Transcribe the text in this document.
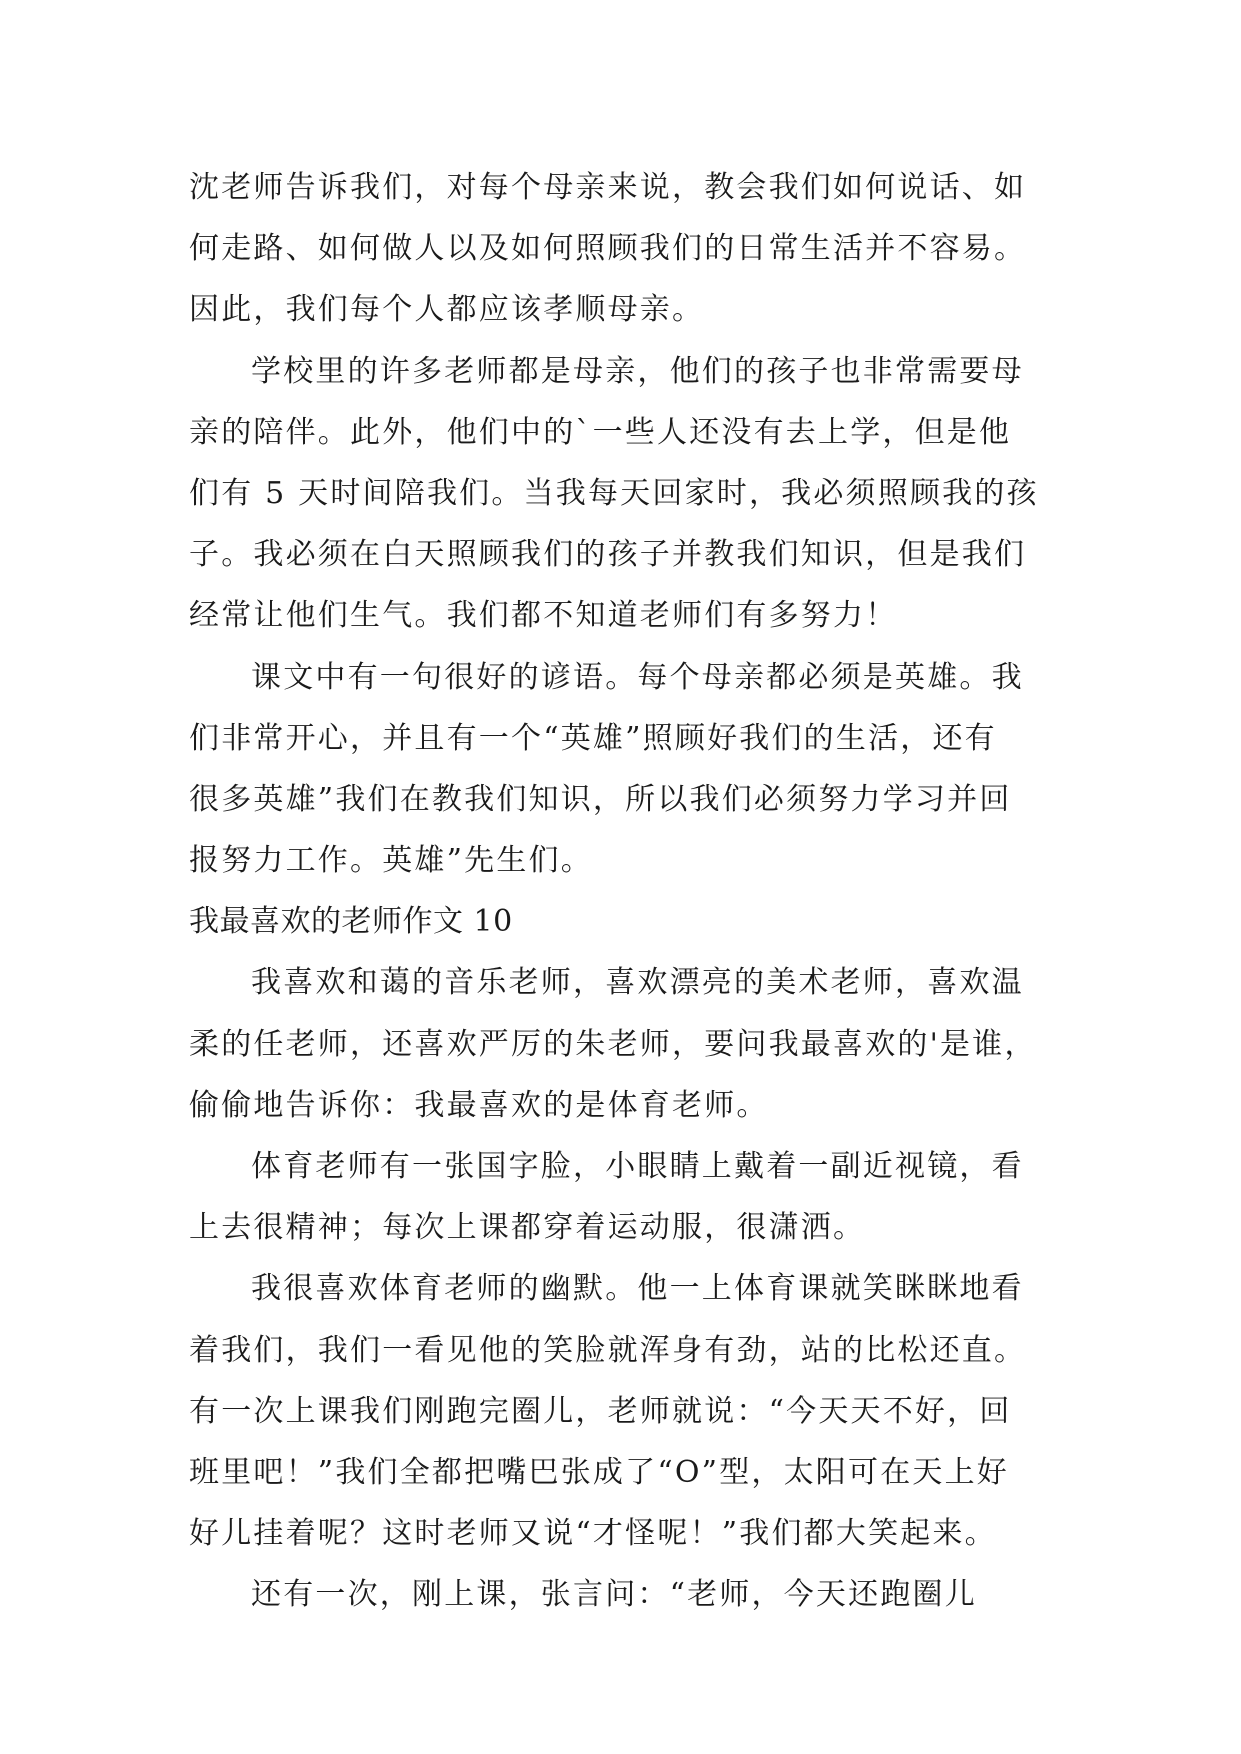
沈老师告诉我们，对每个母亲来说，教会我们如何说话、如
何走路、如何做人以及如何照顾我们的日常生活并不容易。
因此，我们每个人都应该孝顺母亲。
学校里的许多老师都是母亲，他们的孩子也非常需要母
亲的陪伴。此外，他们中的`一些人还没有去上学，但是他
们有 5 天时间陪我们。当我每天回家时，我必须照顾我的孩
子。我必须在白天照顾我们的孩子并教我们知识，但是我们
经常让他们生气。我们都不知道老师们有多努力！
课文中有一句很好的谚语。每个母亲都必须是英雄。我
们非常开心，并且有一个“英雄”照顾好我们的生活，还有
很多英雄”我们在教我们知识，所以我们必须努力学习并回
报努力工作。英雄”先生们。
我最喜欢的老师作文 10
我喜欢和蔼的音乐老师，喜欢漂亮的美术老师，喜欢温
柔的任老师，还喜欢严厉的朱老师，要问我最喜欢的'是谁，
偷偷地告诉你：我最喜欢的是体育老师。
体育老师有一张国字脸，小眼睛上戴着一副近视镜，看
上去很精神；每次上课都穿着运动服，很潇洒。
我很喜欢体育老师的幽默。他一上体育课就笑眯眯地看
着我们，我们一看见他的笑脸就浑身有劲，站的比松还直。
有一次上课我们刚跑完圈儿，老师就说：“今天天不好，回
班里吧！”我们全都把嘴巴张成了“O”型，太阳可在天上好
好儿挂着呢？这时老师又说“才怪呢！”我们都大笑起来。
还有一次，刚上课，张言问：“老师，今天还跑圈儿
